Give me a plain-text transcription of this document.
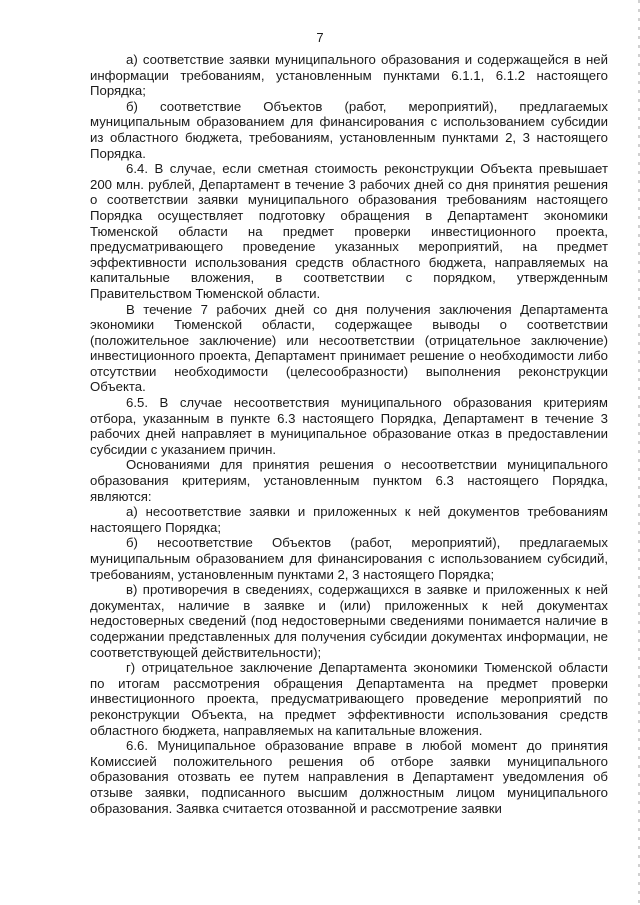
7

а) соответствие заявки муниципального образования и содержащейся в ней информации требованиям, установленным пунктами 6.1.1, 6.1.2 настоящего Порядка;

б) соответствие Объектов (работ, мероприятий), предлагаемых муниципальным образованием для финансирования с использованием субсидии из областного бюджета, требованиям, установленным пунктами 2, 3 настоящего Порядка.

6.4. В случае, если сметная стоимость реконструкции Объекта превышает 200 млн. рублей, Департамент в течение 3 рабочих дней со дня принятия решения о соответствии заявки муниципального образования требованиям настоящего Порядка осуществляет подготовку обращения в Департамент экономики Тюменской области на предмет проверки инвестиционного проекта, предусматривающего проведение указанных мероприятий, на предмет эффективности использования средств областного бюджета, направляемых на капитальные вложения, в соответствии с порядком, утвержденным Правительством Тюменской области.

В течение 7 рабочих дней со дня получения заключения Департамента экономики Тюменской области, содержащее выводы о соответствии (положительное заключение) или несоответствии (отрицательное заключение) инвестиционного проекта, Департамент принимает решение о необходимости либо отсутствии необходимости (целесообразности) выполнения реконструкции Объекта.

6.5. В случае несоответствия муниципального образования критериям отбора, указанным в пункте 6.3 настоящего Порядка, Департамент в течение 3 рабочих дней направляет в муниципальное образование отказ в предоставлении субсидии с указанием причин.

Основаниями для принятия решения о несоответствии муниципального образования критериям, установленным пунктом 6.3 настоящего Порядка, являются:

а) несоответствие заявки и приложенных к ней документов требованиям настоящего Порядка;

б) несоответствие Объектов (работ, мероприятий), предлагаемых муниципальным образованием для финансирования с использованием субсидий, требованиям, установленным пунктами 2, 3 настоящего Порядка;

в) противоречия в сведениях, содержащихся в заявке и приложенных к ней документах, наличие в заявке и (или) приложенных к ней документах недостоверных сведений (под недостоверными сведениями понимается наличие в содержании представленных для получения субсидии документах информации, не соответствующей действительности);

г) отрицательное заключение Департамента экономики Тюменской области по итогам рассмотрения обращения Департамента на предмет проверки инвестиционного проекта, предусматривающего проведение мероприятий по реконструкции Объекта, на предмет эффективности использования средств областного бюджета, направляемых на капитальные вложения.

6.6. Муниципальное образование вправе в любой момент до принятия Комиссией положительного решения об отборе заявки муниципального образования отозвать ее путем направления в Департамент уведомления об отзыве заявки, подписанного высшим должностным лицом муниципального образования. Заявка считается отозванной и рассмотрение заявки
